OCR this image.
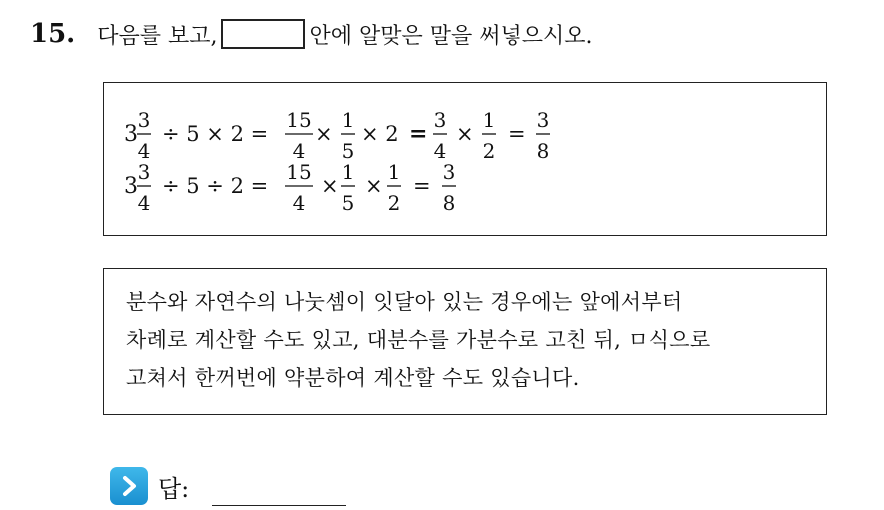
15. 다음를 보고,	안에 알맞은 말을 써넣으시오.
3
3
4
÷ 5 × 2 =
15
4
×
1
5
× 2 =
3
4
×
1
2
=
3
8
3
3
4
÷ 5 ÷ 2 =
15
4
×
1
5
×
1
2
=
3
8
분수와 자연수의 나눗셈이 잇달아 있는 경우에는 앞에서부터
차례로 계산할 수도 있고, 대분수를 가분수로 고친 뒤, ㅁ식으로
고쳐서 한꺼번에 약분하여 계산할 수도 있습니다.
답:
